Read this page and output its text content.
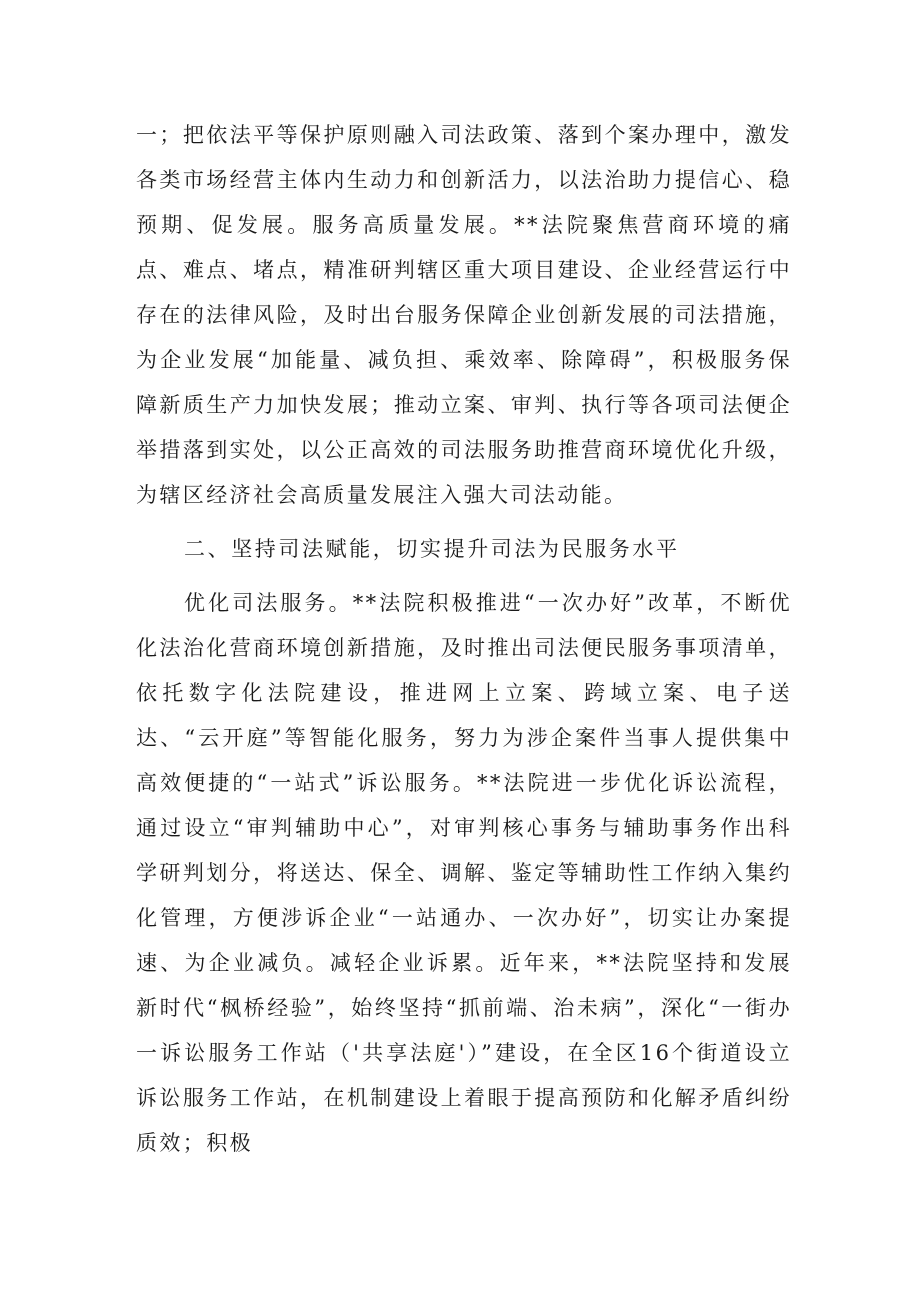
一；把依法平等保护原则融入司法政策、落到个案办理中，激发各类市场经营主体内生动力和创新活力，以法治助力提信心、稳预期、促发展。服务高质量发展。**法院聚焦营商环境的痛点、难点、堵点，精准研判辖区重大项目建设、企业经营运行中存在的法律风险，及时出台服务保障企业创新发展的司法措施，为企业发展“加能量、减负担、乘效率、除障碍”，积极服务保障新质生产力加快发展；推动立案、审判、执行等各项司法便企举措落到实处，以公正高效的司法服务助推营商环境优化升级，为辖区经济社会高质量发展注入强大司法动能。

二、坚持司法赋能，切实提升司法为民服务水平

优化司法服务。**法院积极推进“一次办好”改革，不断优化法治化营商环境创新措施，及时推出司法便民服务事项清单，依托数字化法院建设，推进网上立案、跨域立案、电子送达、“云开庭”等智能化服务，努力为涉企案件当事人提供集中高效便捷的“一站式”诉讼服务。**法院进一步优化诉讼流程，通过设立“审判辅助中心”，对审判核心事务与辅助事务作出科学研判划分，将送达、保全、调解、鉴定等辅助性工作纳入集约化管理，方便涉诉企业“一站通办、一次办好”，切实让办案提速、为企业减负。减轻企业诉累。近年来，**法院坚持和发展新时代“枫桥经验”，始终坚持“抓前端、治未病”，深化“一街办一诉讼服务工作站（'共享法庭'）”建设，在全区16个街道设立诉讼服务工作站，在机制建设上着眼于提高预防和化解矛盾纠纷质效；积极
